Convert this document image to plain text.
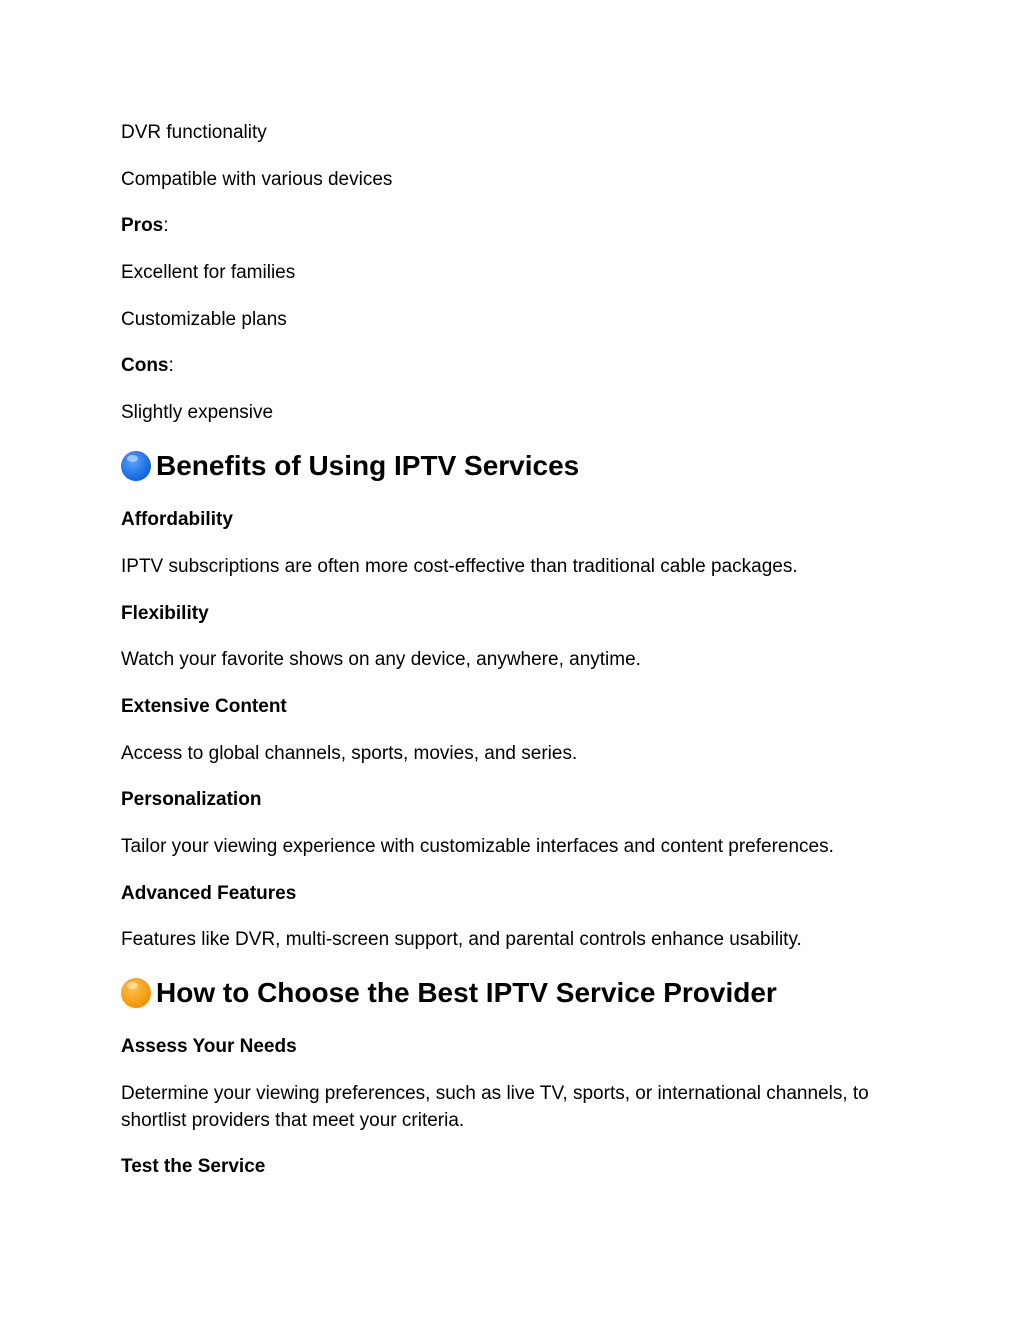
DVR functionality

Compatible with various devices

Pros:

Excellent for families

Customizable plans

Cons:

Slightly expensive

Benefits of Using IPTV Services

Affordability

IPTV subscriptions are often more cost-effective than traditional cable packages.

Flexibility

Watch your favorite shows on any device, anywhere, anytime.

Extensive Content

Access to global channels, sports, movies, and series.

Personalization

Tailor your viewing experience with customizable interfaces and content preferences.

Advanced Features

Features like DVR, multi-screen support, and parental controls enhance usability.

How to Choose the Best IPTV Service Provider

Assess Your Needs

Determine your viewing preferences, such as live TV, sports, or international channels, to shortlist providers that meet your criteria.

Test the Service
